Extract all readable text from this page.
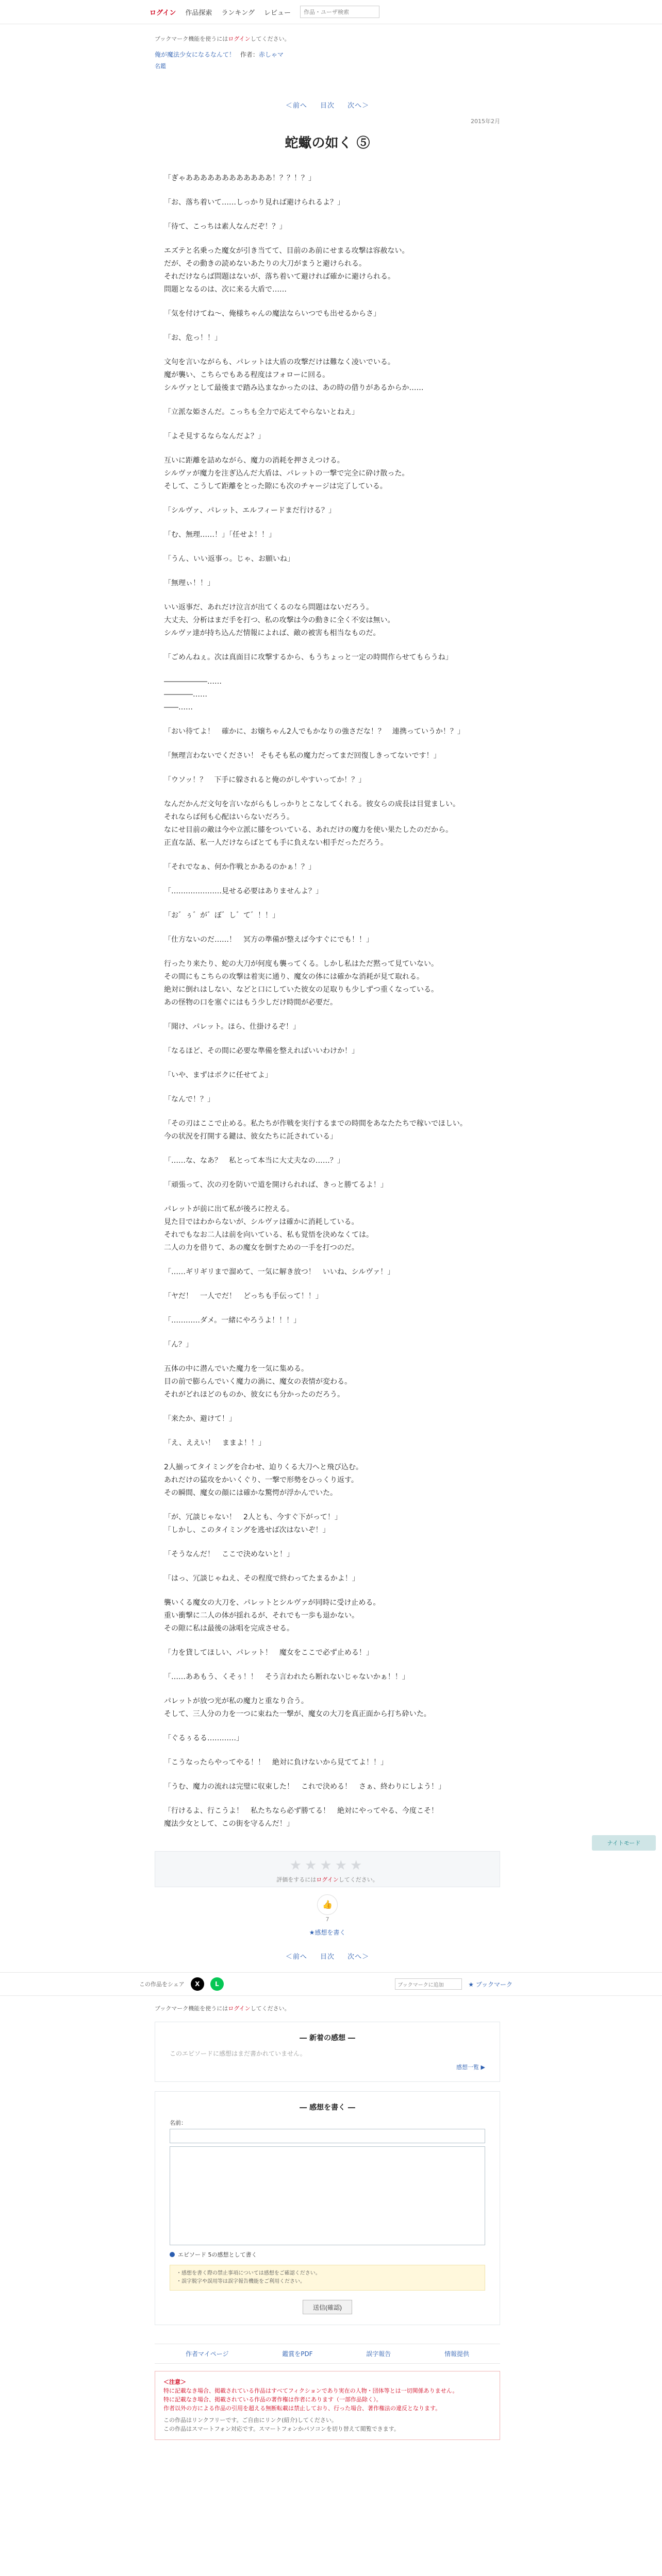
ログイン 作品探索 ランキング レビュー	作品・ユーザ検索
ブックマーク機能を使うにはログインしてください。
俺が魔法少女になるなんて！ 作者：赤しゃマ
名鑑
＜前へ 目次 次へ＞
2015年2月
蛇蠍の如く ⑤

「ぎゃああああああああああああ！？？！？」

「お、落ち着いて……しっかり見れば避けられるよ？」

「待て、こっちは素人なんだぞ！？」

エズテと名乗った魔女が引き当てて、目前のあ前にせまる攻撃は容赦ない。
だが、その動きの読めないあたりの大刀がまうと避けられる。
それだけならば問題はないが、落ち着いて避ければ確かに避けられる。
問題となるのは、次に来る大盾で……

「気を付けてね～、俺様ちゃんの魔法ならいつでも出せるからさ」

「お、危っ！！」

文句を言いながらも、パレットは大盾の攻撃だけは難なく凌いでいる。
魔が襲い、こちらでもある程度はフォローに回る。
シルヴァとして最後まで踏み込まなかったのは、あの時の借りがあるからか……

「立派な姫さんだ。こっちも全力で応えてやらないとねえ」

「よそ見するならなんだよ？」

互いに距離を詰めながら、魔力の消耗を押さえつける。
シルヴァが魔力を注ぎ込んだ大盾は、パレットの一撃で完全に砕け散った。
そして、こうして距離をとった隙にも次のチャージは完了している。

「シルヴァ、パレット、エルフィードまだ行ける？」

「む、無理……！」「任せよ！！」

「うん、いい返事っ。じゃ、お願いね」

「無理ぃ！！」

いい返事だ、あれだけ泣言が出てくるのなら問題はないだろう。
大丈夫、分析はまだ手を打つ、私の攻撃は今の動きに全く不安は無い。
シルヴァ達が持ち込んだ情報によれば、敵の被害も相当なものだ。

「ごめんねぇ。次は真面目に攻撃するから、もうちょっと一定の時間作らせてもらうね」

――――――……
――――……
――……

「おい待てよ！　確かに、お嬢ちゃん2人でもかなりの強さだな！？　連携っていうか！？」

「無理言わないでください！ そもそも私の魔力だってまだ回復しきってないです！」

「ウソッ！？　下手に躱されると俺のがしやすいってか！？」

なんだかんだ文句を言いながらもしっかりとこなしてくれる。彼女らの成長は目覚ましい。
それならば何も心配はいらないだろう。
なにせ目前の敵は今や立派に膝をついている、あれだけの魔力を使い果たしたのだから。
正直な話、私一人だけならばとても手に負えない相手だっただろう。

「それでなぁ、何か作戦とかあるのかぁ！？」

「…………………見せる必要はありませんよ？」

「お゛ぅ゛が゛ぼ゛し゛て゛！！」

「仕方ないのだ……！　冥方の準備が整えば今すぐにでも！！」

行ったり来たり、蛇の大刀が何度も襲ってくる。しかし私はただ黙って見ていない。
その間にもこちらの攻撃は着実に通り、魔女の体には確かな消耗が見て取れる。
絶対に倒れはしない、などと口にしていた彼女の足取りも少しずつ重くなっている。
あの怪物の口を塞ぐにはもう少しだけ時間が必要だ。

「聞け、パレット。ほら、仕掛けるぞ！」

「なるほど、その間に必要な準備を整えればいいわけか！」

「いや、まずはボクに任せてよ」

「なんで！？」

「その刃はここで止める。私たちが作戦を実行するまでの時間をあなたたちで稼いでほしい。
今の状況を打開する鍵は、彼女たちに託されている」

「……な、なあ？　私とって本当に大丈夫なの……？」

「頑張って、次の刃を防いで道を開けられれば、きっと勝てるよ！」

パレットが前に出て私が後ろに控える。
見た目ではわからないが、シルヴァは確かに消耗している。
それでもなお二人は前を向いている、私も覚悟を決めなくては。
二人の力を借りて、あの魔女を倒すための一手を打つのだ。

「……ギリギリまで溜めて、一気に解き放つ！　いいね、シルヴァ！」

「ヤだ！　一人でだ！　どっちも手伝って！！」

「…………ダメ。一緒にやろうよ！！！」

「ん？」

五体の中に潜んでいた魔力を一気に集める。
目の前で膨らんでいく魔力の渦に、魔女の表情が変わる。
それがどれほどのものか、彼女にも分かったのだろう。

「来たか、避けて！」

「え、ええい！　ままよ！！」

2人揃ってタイミングを合わせ、迫りくる大刀へと飛び込む。
あれだけの猛攻をかいくぐり、一撃で形勢をひっくり返す。
その瞬間、魔女の顔には確かな驚愕が浮かんでいた。

「が、冗談じゃない！　2人とも、今すぐ下がって！」
「しかし、このタイミングを逃せば次はないぞ！」

「そうなんだ！　ここで決めないと！」

「はっ、冗談じゃねえ、その程度で終わってたまるかよ！」

襲いくる魔女の大刀を、パレットとシルヴァが同時に受け止める。
重い衝撃に二人の体が揺れるが、それでも一歩も退かない。
その隙に私は最後の詠唱を完成させる。

「力を貸してほしい、パレット！　魔女をここで必ず止める！」

「……ああもう、くそぅ！！　そう言われたら断れないじゃないかぁ！！」

パレットが放つ光が私の魔力と重なり合う。
そして、三人分の力を一つに束ねた一撃が、魔女の大刀を真正面から打ち砕いた。

「ぐるぅるる…………」

「こうなったらやってやる！！　絶対に負けないから見ててよ！！」

「うむ、魔力の流れは完璧に収束した！　これで決める！　さぁ、終わりにしよう！」

「行けるよ、行こうよ！　私たちなら必ず勝てる！　絶対にやってやる、今度こそ！
魔法少女として、この街を守るんだ！」

★★★★★
評価をするにはログインしてください。
👍
7
★感想を書く
＜前へ 目次 次へ＞
この作品をシェア	X	L	ブックマークに追加	★ ブックマーク
ブックマーク機能を使うにはログインしてください。
― 新着の感想 ―
このエピソードに感想はまだ書かれていません。
感想一覧 ▶
― 感想を書く ―
名前：
エピソード 5の感想として書く
・感想を書く際の禁止事項については感想をご確認ください。
・誤字脱字や誤用等は誤字報告機能をご利用ください。
送信(確認)
作者マイページ	鑑賞をPDF	誤字報告	情報提供
＜注意＞
特に記載なき場合、掲載されている作品はすべてフィクションであり実在の人物・団体等とは一切関係ありません。
特に記載なき場合、掲載されている作品の著作権は作者にあります（一部作品除く）。
作者以外の方による作品の引用を超える無断転載は禁止しており、行った場合、著作権法の違反となります。
この作品はリンクフリーです。ご自由にリンク(紹介)してください。
この作品はスマートフォン対応です。スマートフォンかパソコンを切り替えて閲覧できます。
ナイトモード
